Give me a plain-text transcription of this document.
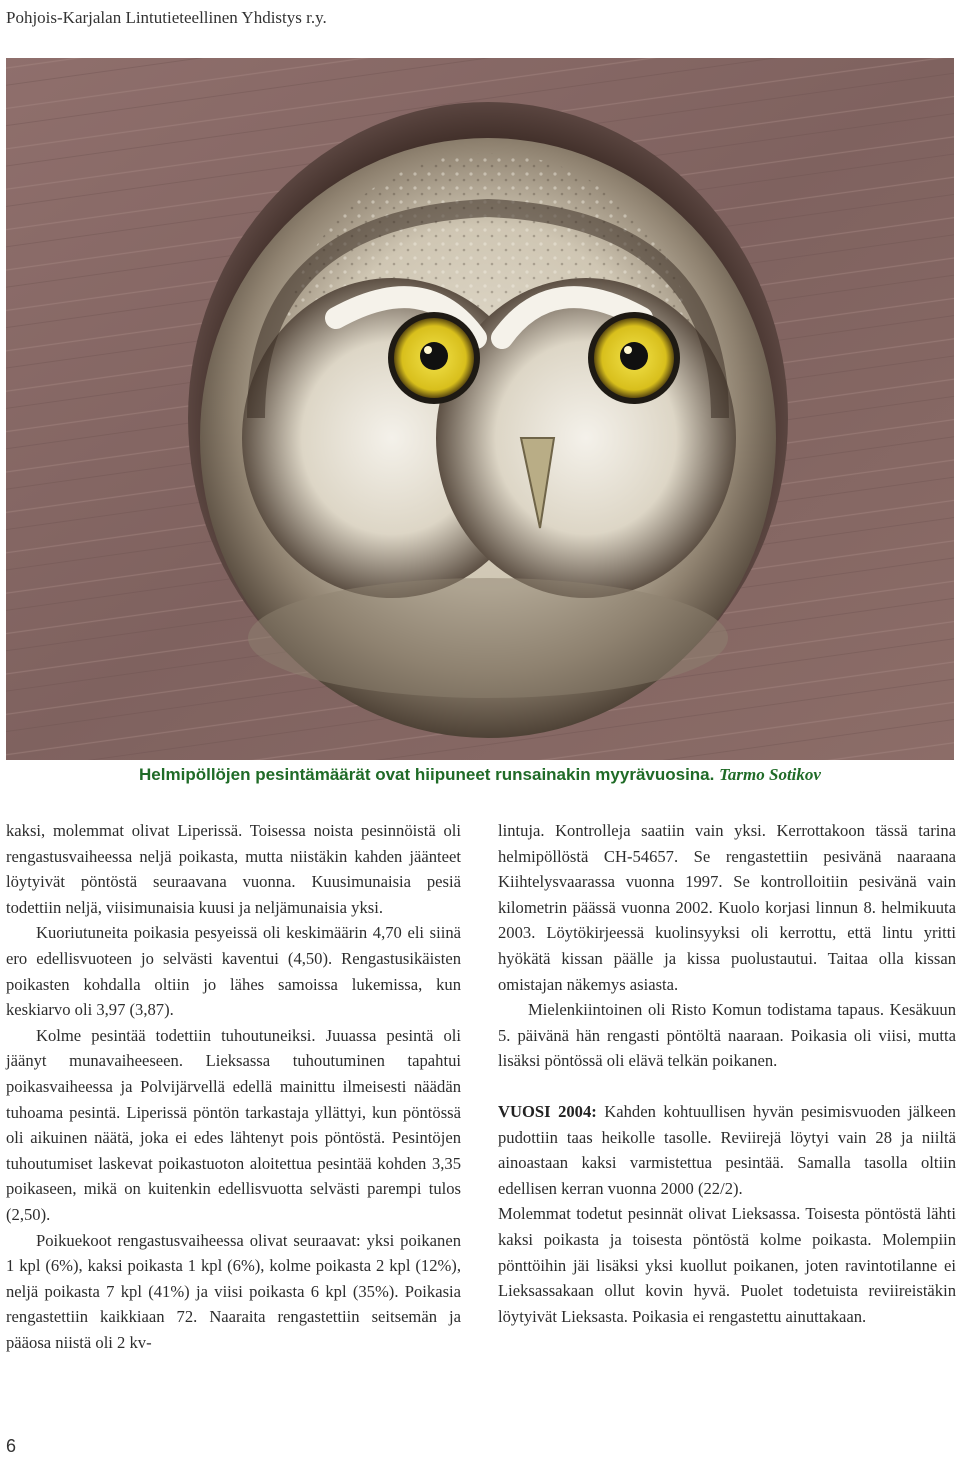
Pohjois-Karjalan Lintutieteellinen Yhdistys r.y.
Helmipöllöjen pesintämäärät ovat hiipuneet runsainakin myyrävuosina. Tarmo Sotikov

kaksi, molemmat olivat Liperissä. Toisessa noista pesinnöistä oli rengastusvaiheessa neljä poikasta, mutta niistäkin kahden jäänteet löytyivät pöntöstä seuraavana vuonna. Kuusimunaisia pesiä todettiin neljä, viisimunaisia kuusi ja neljämunaisia yksi.

Kuoriutuneita poikasia pesyeissä oli keskimäärin 4,70 eli siinä ero edellisvuoteen jo selvästi kaventui (4,50). Rengastusikäisten poikasten kohdalla oltiin jo lähes samoissa lukemissa, kun keskiarvo oli 3,97 (3,87).

Kolme pesintää todettiin tuhoutuneiksi. Juuassa pesintä oli jäänyt munavaiheeseen. Lieksassa tuhoutuminen tapahtui poikasvaiheessa ja Polvijärvellä edellä mainittu ilmeisesti näädän tuhoama pesintä. Liperissä pöntön tarkastaja yllättyi, kun pöntössä oli aikuinen näätä, joka ei edes lähtenyt pois pöntöstä. Pesintöjen tuhoutumiset laskevat poikastuoton aloitettua pesintää kohden 3,35 poikaseen, mikä on kuitenkin edellisvuotta selvästi parempi tulos (2,50).

Poikuekoot rengastusvaiheessa olivat seuraavat: yksi poikanen 1 kpl (6%), kaksi poikasta 1 kpl (6%), kolme poikasta 2 kpl (12%), neljä poikasta 7 kpl (41%) ja viisi poikasta 6 kpl (35%). Poikasia rengastettiin kaikkiaan 72. Naaraita rengastettiin seitsemän ja pääosa niistä oli 2 kv-

lintuja. Kontrolleja saatiin vain yksi. Kerrottakoon tässä tarina helmipöllöstä CH-54657. Se rengastettiin pesivänä naaraana Kiihtelysvaarassa vuonna 1997. Se kontrolloitiin pesivänä vain kilometrin päässä vuonna 2002. Kuolo korjasi linnun 8. helmikuuta 2003. Löytökirjeessä kuolinsyyksi oli kerrottu, että lintu yritti hyökätä kissan päälle ja kissa puolustautui. Taitaa olla kissan omistajan näkemys asiasta.

Mielenkiintoinen oli Risto Komun todistama tapaus. Kesäkuun 5. päivänä hän rengasti pöntöltä naaraan. Poikasia oli viisi, mutta lisäksi pöntössä oli elävä telkän poikanen.

VUOSI 2004: Kahden kohtuullisen hyvän pesimisvuoden jälkeen pudottiin taas heikolle tasolle. Reviirejä löytyi vain 28 ja niiltä ainoastaan kaksi varmistettua pesintää. Samalla tasolla oltiin edellisen kerran vuonna 2000 (22/2).

Molemmat todetut pesinnät olivat Lieksassa. Toisesta pöntöstä lähti kaksi poikasta ja toisesta pöntöstä kolme poikasta. Molempiin pönttöihin jäi lisäksi yksi kuollut poikanen, joten ravintotilanne ei Lieksassakaan ollut kovin hyvä. Puolet todetuista reviireistäkin löytyivät Lieksasta. Poikasia ei rengastettu ainuttakaan.

6
